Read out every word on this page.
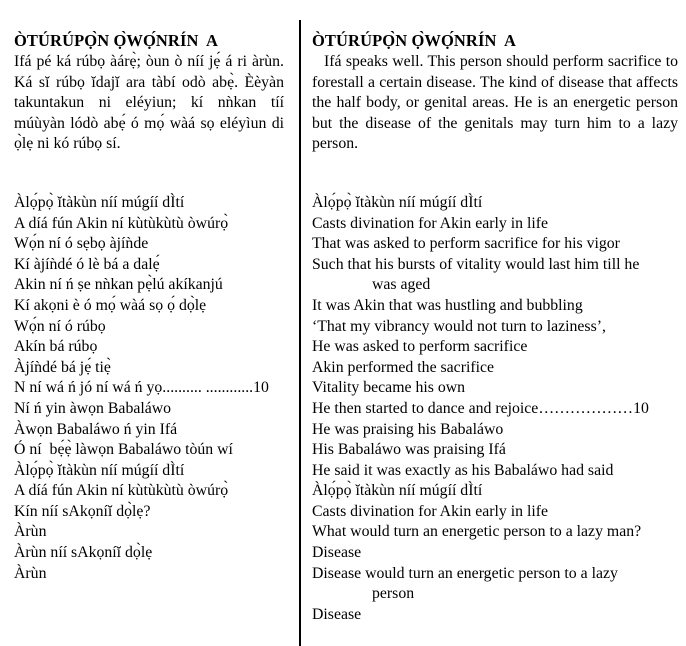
ÒTÚRÚPỌ̀N Ọ̀WỌ́NRÍN  A

Ifá pé ká rúbọ àárẹ̀; òun ò níí jẹ́ á ri àrùn. Ká sĭ rúbọ ĭdajĭ ara tàbí odò abẹ̀. Èèyàn takuntakun ni eléyiun; kí nǹkan tíí múùyàn lódò abẹ́ ó mọ́ wàá sọ eléyìun di ọ̀lẹ ni kó rúbọ sí.

Àlọ́pọ̀ ĭtàkùn níí múgíí dÌtí
A díá fún Akin ní kùtùkùtù òwúrọ̀
Wọ́n ní ó sẹbọ àjíǹde
Kí àjíǹdé ó lè bá a dalẹ́
Akin ní ń ṣe nǹkan pẹ̀lú akíkanjú
Kí akọni è ó mọ́ wàá sọ ọ́ dọ̀lẹ
Wọ́n ní ó rúbọ
Akín bá rúbọ
Àjíǹdé bá jẹ́ tiẹ̀
N ní wá ń jó ní wá ń yọ.......... ............10
Ní ń yin àwọn Babaláwo
Àwọn Babaláwo ń yin Ifá
Ó ní  bẹ́ẹ̀ làwọn Babaláwo tòún wí
Àlọ́pọ̀ ĭtàkùn níí múgíí dÌtí
A díá fún Akin ní kùtùkùtù òwúrọ̀
Kín níí sAkọníĭ dọ̀lẹ?
Àrùn
Àrùn níí sAkọníĭ dọ̀lẹ
Àrùn
ÒTÚRÚPỌ̀N Ọ̀WỌ́NRÍN  A

Ifá speaks well. This person should perform sacrifice to forestall a certain disease. The kind of disease that affects the half body, or genital areas. He is an energetic person but the disease of the genitals may turn him to a lazy person.

Àlọ́pọ̀ ĭtàkùn níí múgíí dÌtí
Casts divination for Akin early in life
That was asked to perform sacrifice for his vigor
Such that his bursts of vitality would last him till he
was aged
It was Akin that was hustling and bubbling
‘That my vibrancy would not turn to laziness’,
He was asked to perform sacrifice
Akin performed the sacrifice
Vitality became his own
He then started to dance and rejoice………………10
He was praising his Babaláwo
His Babaláwo was praising Ifá
He said it was exactly as his Babaláwo had said
Àlọ́pọ̀ ĭtàkùn níí múgíí dÌtí
Casts divination for Akin early in life
What would turn an energetic person to a lazy man?
Disease
Disease would turn an energetic person to a lazy
person
Disease
